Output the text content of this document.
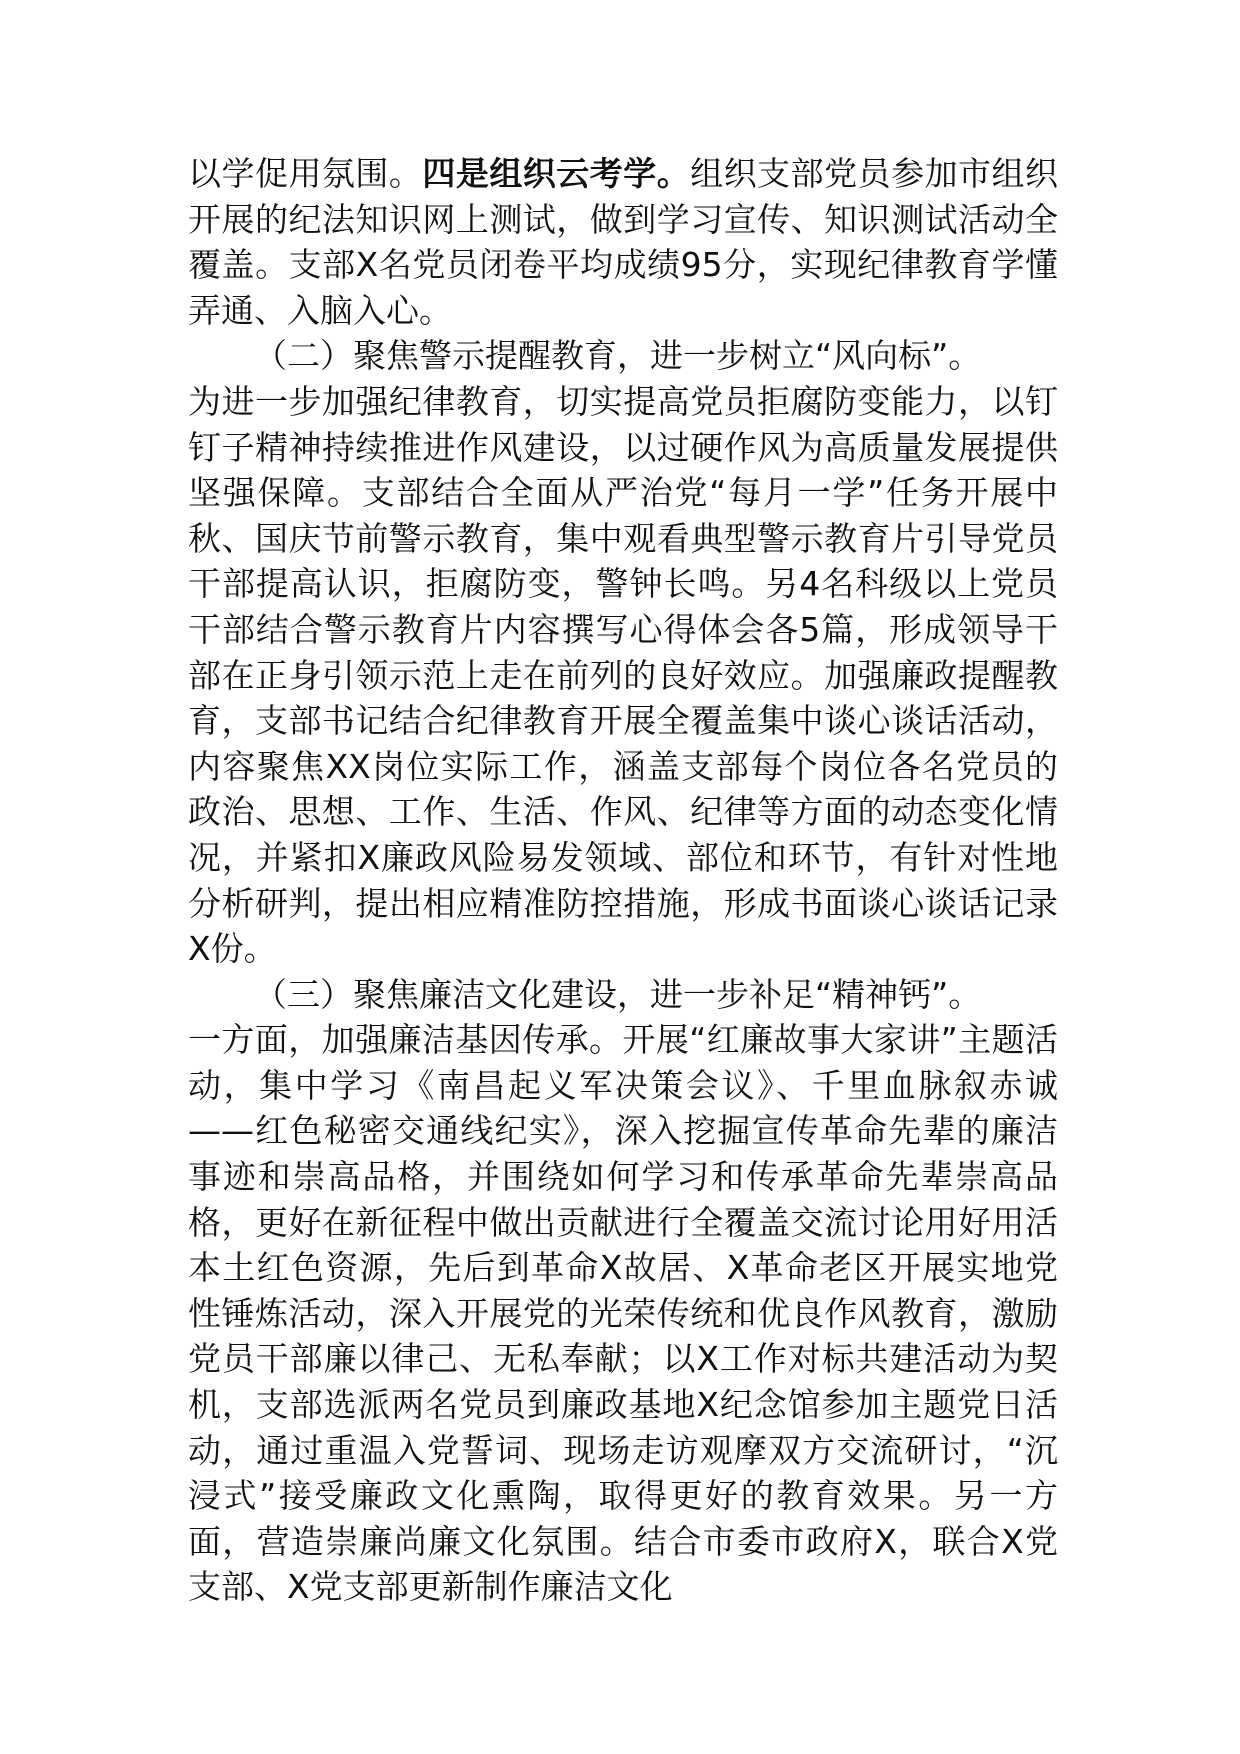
以学促用氛围。四是组织云考学。组织支部党员参加市组织开展的纪法知识网上测试，做到学习宣传、知识测试活动全覆盖。支部X名党员闭卷平均成绩95分，实现纪律教育学懂弄通、入脑入心。

（二）聚焦警示提醒教育，进一步树立“风向标”。

为进一步加强纪律教育，切实提高党员拒腐防变能力，以钉钉子精神持续推进作风建设，以过硬作风为高质量发展提供坚强保障。支部结合全面从严治党“每月一学”任务开展中秋、国庆节前警示教育，集中观看典型警示教育片引导党员干部提高认识，拒腐防变，警钟长鸣。另4名科级以上党员干部结合警示教育片内容撰写心得体会各5篇，形成领导干部在正身引领示范上走在前列的良好效应。加强廉政提醒教育，支部书记结合纪律教育开展全覆盖集中谈心谈话活动，内容聚焦XX岗位实际工作，涵盖支部每个岗位各名党员的政治、思想、工作、生活、作风、纪律等方面的动态变化情况，并紧扣X廉政风险易发领域、部位和环节，有针对性地分析研判，提出相应精准防控措施，形成书面谈心谈话记录X份。

（三）聚焦廉洁文化建设，进一步补足“精神钙”。

一方面，加强廉洁基因传承。开展“红廉故事大家讲”主题活动，集中学习《南昌起义军决策会议》、千里血脉叙赤诚——红色秘密交通线纪实》，深入挖掘宣传革命先辈的廉洁事迹和崇高品格，并围绕如何学习和传承革命先辈崇高品格，更好在新征程中做出贡献进行全覆盖交流讨论用好用活本土红色资源，先后到革命X故居、X革命老区开展实地党性锤炼活动，深入开展党的光荣传统和优良作风教育，激励党员干部廉以律己、无私奉献；以X工作对标共建活动为契机，支部选派两名党员到廉政基地X纪念馆参加主题党日活动，通过重温入党誓词、现场走访观摩双方交流研讨，“沉浸式”接受廉政文化熏陶，取得更好的教育效果。另一方面，营造崇廉尚廉文化氛围。结合市委市政府X，联合X党支部、X党支部更新制作廉洁文化
